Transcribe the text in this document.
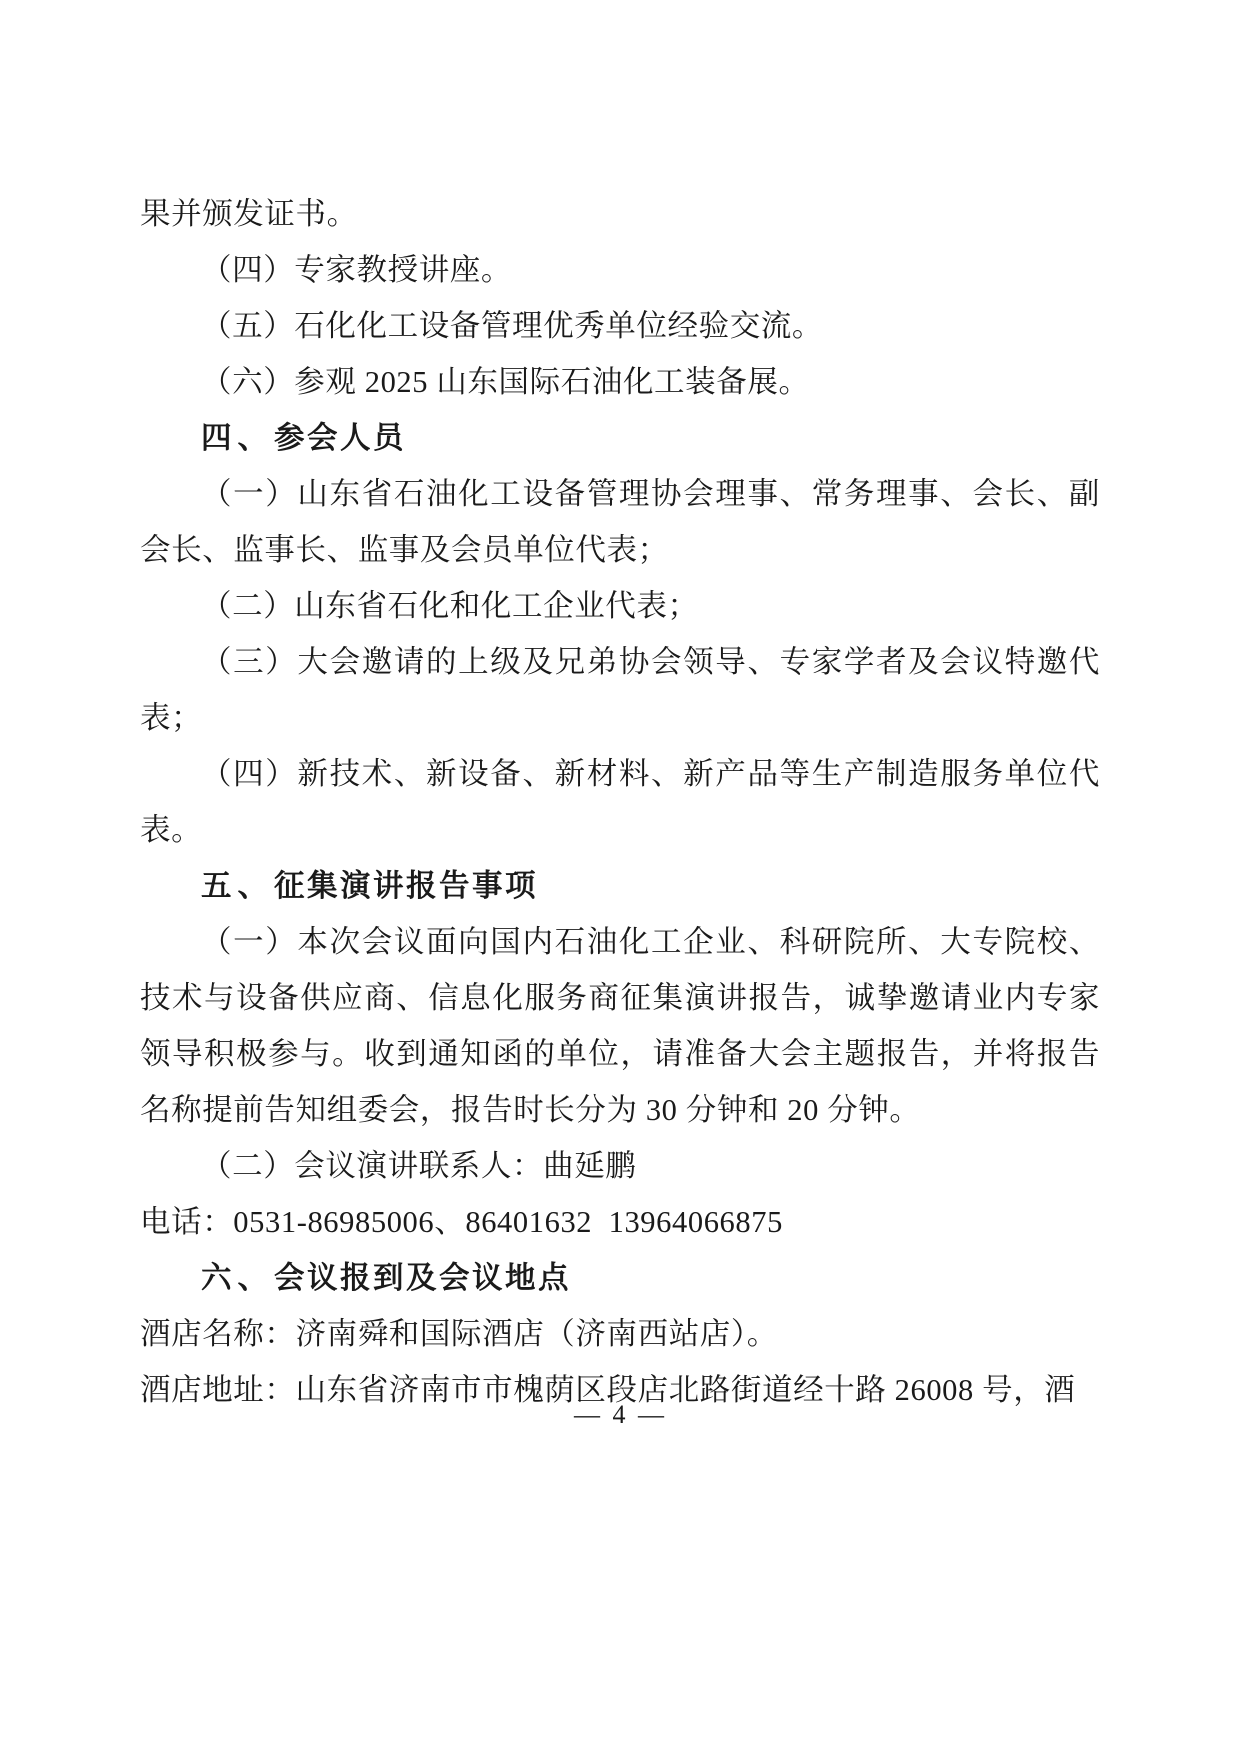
果并颁发证书。

（四）专家教授讲座。

（五）石化化工设备管理优秀单位经验交流。

（六）参观 2025 山东国际石油化工装备展。

四、参会人员

（一）山东省石油化工设备管理协会理事、常务理事、会长、副会长、监事长、监事及会员单位代表；

（二）山东省石化和化工企业代表；

（三）大会邀请的上级及兄弟协会领导、专家学者及会议特邀代表；

（四）新技术、新设备、新材料、新产品等生产制造服务单位代表。

五、征集演讲报告事项

（一）本次会议面向国内石油化工企业、科研院所、大专院校、技术与设备供应商、信息化服务商征集演讲报告，诚挚邀请业内专家领导积极参与。收到通知函的单位，请准备大会主题报告，并将报告名称提前告知组委会，报告时长分为 30 分钟和 20 分钟。

（二）会议演讲联系人：曲延鹏

电话：0531-86985006、86401632  13964066875

六、会议报到及会议地点

酒店名称：济南舜和国际酒店（济南西站店）。

酒店地址：山东省济南市市槐荫区段店北路街道经十路 26008 号，酒

— 4 —
